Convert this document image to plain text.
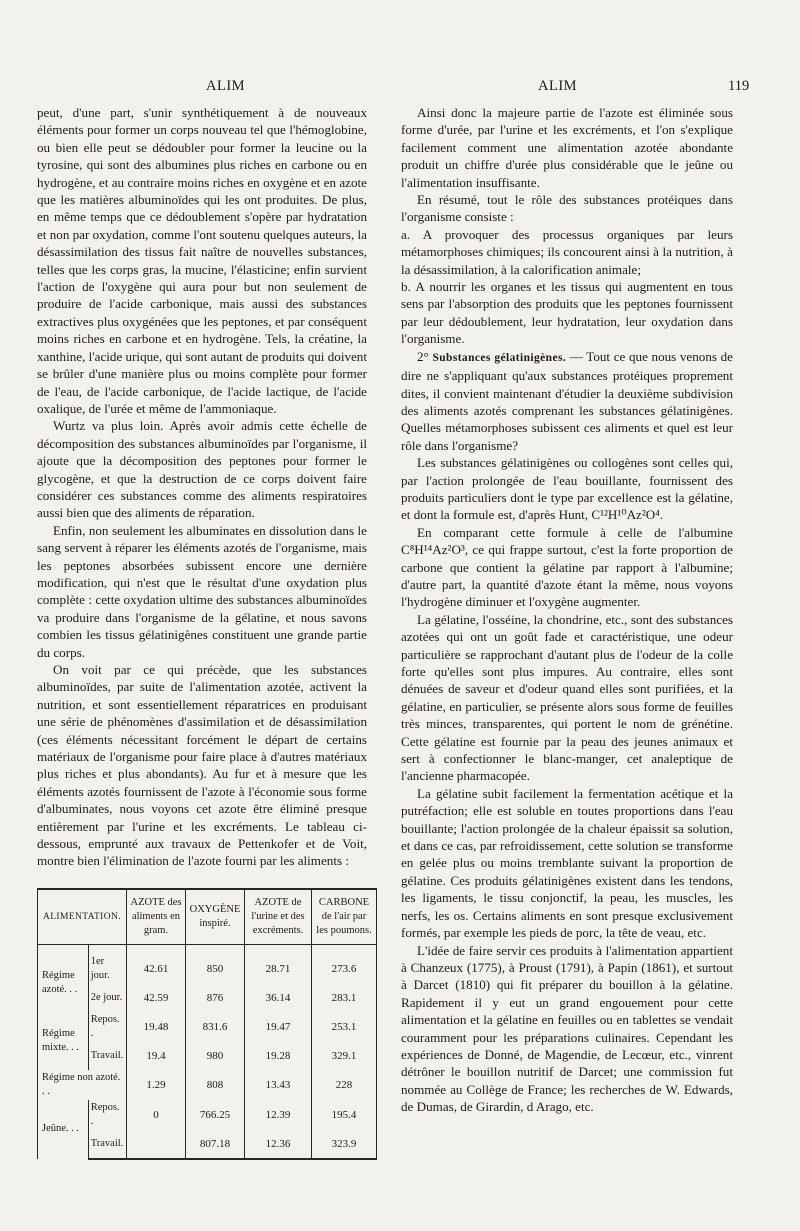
ALIM	ALIM	119

peut, d'une part, s'unir synthétiquement à de nouveaux éléments pour former un corps nouveau tel que l'hémoglobine, ou bien elle peut se dédoubler pour former la leucine ou la tyrosine, qui sont des albumines plus riches en carbone ou en hydrogène, et au contraire moins riches en oxygène et en azote que les matières albuminoïdes qui les ont produites. De plus, en même temps que ce dédoublement s'opère par hydratation et non par oxydation, comme l'ont soutenu quelques auteurs, la désassimilation des tissus fait naître de nouvelles substances, telles que les corps gras, la mucine, l'élasticine; enfin survient l'action de l'oxygène qui aura pour but non seulement de produire de l'acide carbonique, mais aussi des substances extractives plus oxygénées que les peptones, et par conséquent moins riches en carbone et en hydrogène. Tels, la créatine, la xanthine, l'acide urique, qui sont autant de produits qui doivent se brûler d'une manière plus ou moins complète pour former de l'eau, de l'acide carbonique, de l'acide lactique, de l'acide oxalique, de l'urée et même de l'ammoniaque.

Wurtz va plus loin. Après avoir admis cette échelle de décomposition des substances albuminoïdes par l'organisme, il ajoute que la décomposition des peptones pour former le glycogène, et que la destruction de ce corps doivent faire considérer ces substances comme des aliments respiratoires aussi bien que des aliments de réparation.

Enfin, non seulement les albuminates en dissolution dans le sang servent à réparer les éléments azotés de l'organisme, mais les peptones absorbées subissent encore une dernière modification, qui n'est que le résultat d'une oxydation plus complète : cette oxydation ultime des substances albuminoïdes va produire dans l'organisme de la gélatine, et nous savons combien les tissus gélatinigènes constituent une grande partie du corps.

On voit par ce qui précède, que les substances albuminoïdes, par suite de l'alimentation azotée, activent la nutrition, et sont essentiellement réparatrices en produisant une série de phénomènes d'assimilation et de désassimilation (ces éléments nécessitant forcément le départ de certains matériaux de l'organisme pour faire place à d'autres matériaux plus riches et plus abondants). Au fur et à mesure que les éléments azotés fournissent de l'azote à l'économie sous forme d'albuminates, nous voyons cet azote être éliminé presque entièrement par l'urine et les excréments. Le tableau ci-dessous, emprunté aux travaux de Pettenkofer et de Voit, montre bien l'élimination de l'azote fourni par les aliments :

ALIMENTATION.		AZOTE des aliments en gram.	OXYGÈNE inspiré.	AZOTE de l'urine et des excréments.	CARBONE de l'air par les poumons.
Régime azoté. . .	1er jour.	42.61	850	28.71	273.6
	2e jour.	42.59	876	36.14	283.1
Régime mixte. . .	Repos. .	19.48	831.6	19.47	253.1
	Travail.	19.4	980	19.28	329.1
Régime non azoté. . .		1.29	808	13.43	228
Jeûne. . .	Repos. .	0	766.25	12.39	195.4
	Travail.		807.18	12.36	323.9

Ainsi donc la majeure partie de l'azote est éliminée sous forme d'urée, par l'urine et les excréments, et l'on s'explique facilement comment une alimentation azotée abondante produit un chiffre d'urée plus considérable que le jeûne ou l'alimentation insuffisante.

En résumé, tout le rôle des substances protéiques dans l'organisme consiste :

a. A provoquer des processus organiques par leurs métamorphoses chimiques; ils concourent ainsi à la nutrition, à la désassimilation, à la calorification animale;

b. A nourrir les organes et les tissus qui augmentent en tous sens par l'absorption des produits que les peptones fournissent par leur dédoublement, leur hydratation, leur oxydation dans l'organisme.

2° Substances gélatinigènes. — Tout ce que nous venons de dire ne s'appliquant qu'aux substances protéiques proprement dites, il convient maintenant d'étudier la deuxième subdivision des aliments azotés comprenant les substances gélatinigènes. Quelles métamorphoses subissent ces aliments et quel est leur rôle dans l'organisme?

Les substances gélatinigènes ou collogènes sont celles qui, par l'action prolongée de l'eau bouillante, fournissent des produits particuliers dont le type par excellence est la gélatine, et dont la formule est, d'après Hunt, C¹²H¹⁰Az²O⁴.

En comparant cette formule à celle de l'albumine C⁸H¹⁴Az²O³, ce qui frappe surtout, c'est la forte proportion de carbone que contient la gélatine par rapport à l'albumine; d'autre part, la quantité d'azote étant la même, nous voyons l'hydrogène diminuer et l'oxygène augmenter.

La gélatine, l'osséine, la chondrine, etc., sont des substances azotées qui ont un goût fade et caractéristique, une odeur particulière se rapprochant d'autant plus de l'odeur de la colle forte qu'elles sont plus impures. Au contraire, elles sont dénuées de saveur et d'odeur quand elles sont purifiées, et la gélatine, en particulier, se présente alors sous forme de feuilles très minces, transparentes, qui portent le nom de grénétine. Cette gélatine est fournie par la peau des jeunes animaux et sert à confectionner le blanc-manger, cet analeptique de l'ancienne pharmacopée.

La gélatine subit facilement la fermentation acétique et la putréfaction; elle est soluble en toutes proportions dans l'eau bouillante; l'action prolongée de la chaleur épaissit sa solution, et dans ce cas, par refroidissement, cette solution se transforme en gelée plus ou moins tremblante suivant la proportion de gélatine. Ces produits gélatinigènes existent dans les tendons, les ligaments, le tissu conjonctif, la peau, les muscles, les nerfs, les os. Certains aliments en sont presque exclusivement formés, par exemple les pieds de porc, la tête de veau, etc.

L'idée de faire servir ces produits à l'alimentation appartient à Chanzeux (1775), à Proust (1791), à Papin (1861), et surtout à Darcet (1810) qui fit préparer du bouillon à la gélatine. Rapidement il y eut un grand engouement pour cette alimentation et la gélatine en feuilles ou en tablettes se vendait couramment pour les préparations culinaires. Cependant les expériences de Donné, de Magendie, de Lecœur, etc., vinrent détrôner le bouillon nutritif de Darcet; une commission fut nommée au Collège de France; les recherches de W. Edwards, de Dumas, de Girardin, d Arago, etc.
